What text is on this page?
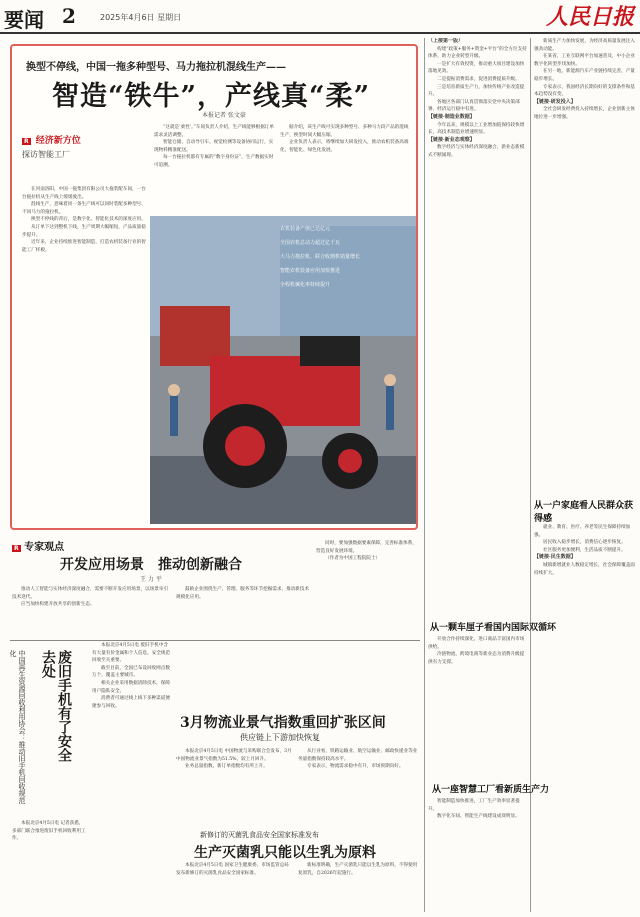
要闻 2	2025年4月6日 星期日	人民日报
换型不停线，中国一拖多种型号、马力拖拉机混线生产——
智造“铁牛”，产线真“柔”
本报记者 张文豪
R 经济新方位
探访智能工厂

在河南洛阳，中国一拖集团有限公司大拖装配车间，一台台拖拉机从生产线上缓缓驶出。

混线生产，意味着同一条生产线可以同时装配多种型号、不同马力的拖拉机。

换型不停线的背后，是数字化、智能化技术的深度应用。

从订单下达到整机下线，生产周期大幅缩短，产品质量稳步提升。

近年来，企业持续推进智能制造，打造农机装备行业的智能工厂样板。

“这就是‘柔性’。”车间负责人介绍，生产线能够根据订单需求灵活调整。

智能仓储、自动导引车、视觉检测等设备协同运行，实现物料精准配送。

每一台拖拉机都有专属的“数字身份证”，生产数据实时可追溯。

据介绍，该生产线可实现多种型号、多种马力段产品的混线生产，换型时间大幅压缩。

企业负责人表示，将继续加大研发投入，推动农机装备高端化、智能化、绿色化发展。

农机装备产值已达亿元
全国农机总动力超过亿千瓦
大马力拖拉机、联合收割机销量增长
智能农机装备应用加快推进
全程机械化率持续提升
R 专家观点
开发应用场景　推动创新融合
王 力 平

推动人工智能与实体经济深度融合，需要不断开发应用场景，以场景牵引技术迭代。

应当加快构建开放共享的创新生态。

鼓励企业围绕生产、管理、服务等环节挖掘需求，推动新技术规模化应用。

同时，要加强数据要素保障，完善标准体系，营造良好发展环境。

（作者为中国工程院院士）

中国再生资源回收利用协会：推动旧手机回收规范化	废旧手机有了安全去处

本报北京4月5日电 记者获悉，多部门联合推进废旧手机回收利用工作。

本报北京4月5日电 废旧手机中含有大量有价金属和个人信息，安全规范回收至关重要。

截至目前，全国已布设回收网点数万个，覆盖主要城市。

相关企业采用数据清除技术，保障用户隐私安全。

消费者可通过线上线下多种渠道便捷参与回收。

3月物流业景气指数重回扩张区间
供应链上下游加快恢复

本报北京4月5日电 中国物流与采购联合会发布，3月中国物流业景气指数为51.5%，较上月回升。

业务总量指数、新订单指数均有所上升。

从行业看，铁路运输业、航空运输业、邮政快递业等业务量指数保持较高水平。

专家表示，物流需求稳中有升，市场预期向好。

新修订的灭菌乳食品安全国家标准发布
生产灭菌乳只能以生乳为原料

本报北京4月5日电 国家卫生健康委、市场监管总局发布新修订的灭菌乳食品安全国家标准。

新标准明确，生产灭菌乳只能以生乳为原料，不得使用复原乳，自2026年起施行。

（上接第一版）

构建“政策+服务+资金+平台”的全方位支持体系，助力企业转型升级。

一是扩大有效投资，推动重大项目建设加快落地见效。

二是提振消费需求，促进消费提质升级。

三是培育新质生产力，加快传统产业改造提升。

各地区各部门认真贯彻落实党中央决策部署，经济运行稳中有进。

【链接·制造业数据】

今年以来，规模以上工业增加值保持较快增长，高技术制造业增速明显。

【链接·新业态观察】

数字经济与实体经济深度融合，新业态新模式不断涌现。

新质生产力加快发展，为经济高质量发展注入强劲动能。

在某省，工业互联网平台加速普及，中小企业数字化转型步伐加快。

在另一地，新能源汽车产业链持续完善，产量稳步增长。

专家表示，我国经济长期向好的支撑条件和基本趋势没有变。

【链接·研发投入】

全社会研发经费投入持续增长，企业创新主体地位进一步增强。

从一颗车厘子看国内国际双循环

开放合作持续深化，进口商品丰富国内市场供给。

冷链物流、跨境电商等新业态为消费升级提供有力支撑。

从一户家庭看人民群众获得感

就业、教育、医疗、养老等民生保障持续加强。

居民收入稳步增长，消费信心逐步恢复。

社区服务更加便利，生活品质不断提升。

【链接·民生数据】

城镇新增就业人数稳定增长，社会保障覆盖面持续扩大。

从一座智慧工厂看新质生产力

智能制造加快推进，工厂生产效率显著提升。

数字化车间、智能生产线建设成效明显。
